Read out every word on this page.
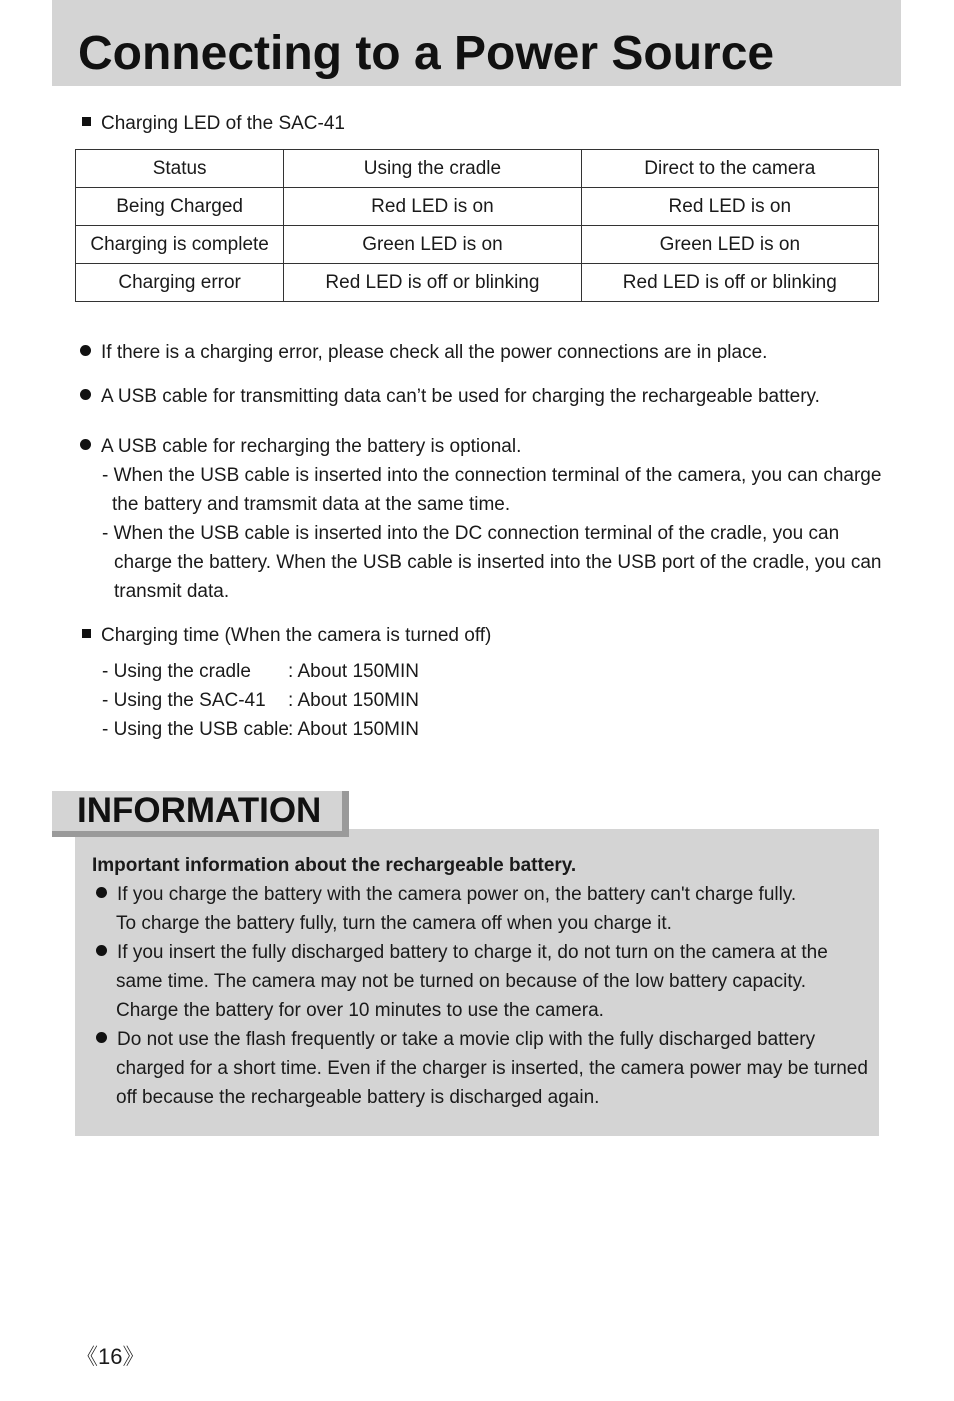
Connecting to a Power Source
Charging LED of the SAC-41
Status	Using the cradle	Direct to the camera
Being Charged	Red LED is on	Red LED is on
Charging is complete	Green LED is on	Green LED is on
Charging error	Red LED is off or blinking	Red LED is off or blinking
If there is a charging error, please check all the power connections are in place.
A USB cable for transmitting data can’t be used for charging the rechargeable battery.
A USB cable for recharging the battery is optional.
- When the USB cable is inserted into the connection terminal of the camera, you can charge
the battery and tramsmit data at the same time.
- When the USB cable is inserted into the DC connection terminal of the cradle, you can
charge the battery. When the USB cable is inserted into the USB port of the cradle, you can
transmit data.
Charging time (When the camera is turned off)
- Using the cradle : About 150MIN
- Using the SAC-41 : About 150MIN
- Using the USB cable: About 150MIN
Important information about the rechargeable battery.
If you charge the battery with the camera power on, the battery can't charge fully.
To charge the battery fully, turn the camera off when you charge it.
If you insert the fully discharged battery to charge it, do not turn on the camera at the
same time. The camera may not be turned on because of the low battery capacity.
Charge the battery for over 10 minutes to use the camera.
Do not use the flash frequently or take a movie clip with the fully discharged battery
charged for a short time. Even if the charger is inserted, the camera power may be turned
off because the rechargeable battery is discharged again.
INFORMATION
《16》
